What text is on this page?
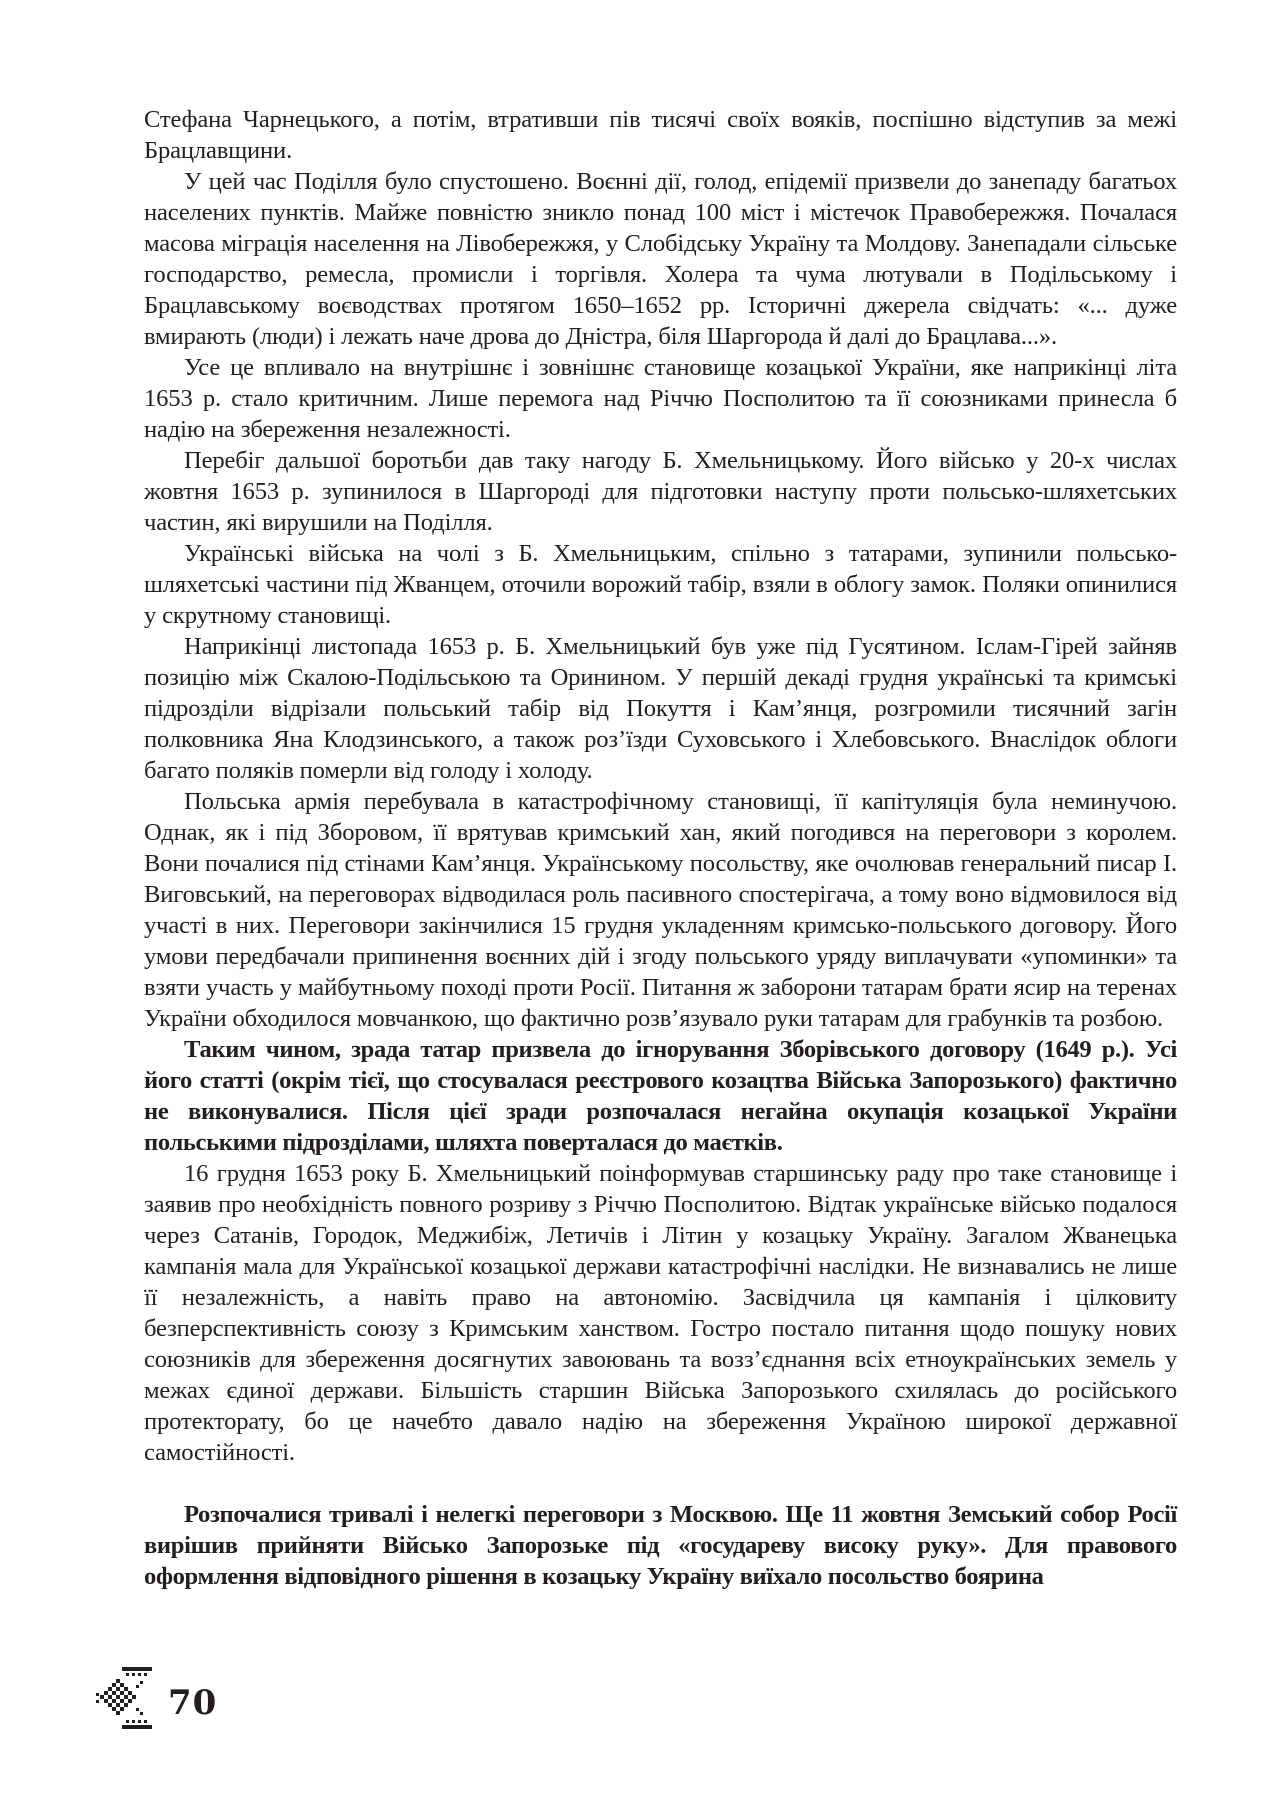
Стефана Чарнецького, а потім, втративши пів тисячі своїх вояків, поспішно відступив за межі Брацлавщини.

У цей час Поділля було спустошено. Воєнні дії, голод, епідемії призвели до занепаду багатьох населених пунктів. Майже повністю зникло понад 100 міст і містечок Правобережжя. Почалася масова міграція населення на Лівобережжя, у Слобідську Україну та Молдову. Занепадали сільське господарство, ремесла, промисли і торгівля. Холера та чума лютували в Подільському і Брацлавському воєводствах протягом 1650–1652 рр. Історичні джерела свідчать: «... дуже вмирають (люди) і лежать наче дрова до Дністра, біля Шаргорода й далі до Брацлава...».

Усе це впливало на внутрішнє і зовнішнє становище козацької України, яке наприкінці літа 1653 р. стало критичним. Лише перемога над Річчю Посполитою та її союзниками принесла б надію на збереження незалежності.

Перебіг дальшої боротьби дав таку нагоду Б. Хмельницькому. Його військо у 20-х числах жовтня 1653 р. зупинилося в Шаргороді для підготовки наступу проти польсько-шляхетських частин, які вирушили на Поділля.

Українські війська на чолі з Б. Хмельницьким, спільно з татарами, зупинили польсько-шляхетські частини під Жванцем, оточили ворожий табір, взяли в облогу замок. Поляки опинилися у скрутному становищі.

Наприкінці листопада 1653 р. Б. Хмельницький був уже під Гусятином. Іслам-Гірей зайняв позицію між Скалою-Подільською та Орининoм. У першій декаді грудня українські та кримські підрозділи відрізали польський табір від Покуття і Кам’янця, розгромили тисячний загін полковника Яна Клодзинського, а також роз’їзди Суховського і Хлебовського. Внаслідок облоги багато поляків померли від голоду і холоду.

Польська армія перебувала в катастрофічному становищі, її капітуляція була неминучою. Однак, як і під Зборовом, її врятував кримський хан, який погодився на переговори з королем. Вони почалися під стінами Кам’янця. Українському посольству, яке очолював генеральний писар І. Виговський, на переговорах відводилася роль пасивного спостерігача, а тому воно відмовилося від участі в них. Переговори закінчилися 15 грудня укладенням кримсько-польського договору. Його умови передбачали припинення воєнних дій і згоду польського уряду виплачувати «упоминки» та взяти участь у майбутньому поході проти Росії. Питання ж заборони татарам брати ясир на теренах України обходилося мовчанкою, що фактично розв’язувало руки татарам для грабунків та розбою.

Таким чином, зрада татар призвела до ігнорування Зборівського договору (1649 р.). Усі його статті (окрім тієї, що стосувалася реєстрового козацтва Війська Запорозького) фактично не виконувалися. Після цієї зради розпочалася негайна окупація козацької України польськими підрозділами, шляхта поверталася до маєтків.

16 грудня 1653 року Б. Хмельницький поінформував старшинську раду про таке становище і заявив про необхідність повного розриву з Річчю Посполитою. Відтак українське військо подалося через Сатанів, Городок, Меджибіж, Летичів і Літин у козацьку Україну. Загалом Жванецька кампанія мала для Української козацької держави катастрофічні наслідки. Не визнавались не лише її незалежність, а навіть право на автономію. Засвідчила ця кампанія і цілковиту безперспективність союзу з Кримським ханством. Гостро постало питання щодо пошуку нових союзників для збереження досягнутих завоювань та возз’єднання всіх етноукраїнських земель у межах єдиної держави. Більшість старшин Війська Запорозького схилялась до російського протекторату, бо це начебто давало надію на збереження Україною широкої державної самостійності.

Розпочалися тривалі і нелегкі переговори з Москвою. Ще 11 жовтня Земський собор Росії вирішив прийняти Військо Запорозьке під «государеву високу руку». Для правового оформлення відповідного рішення в козацьку Україну виїхало посольство боярина

70
